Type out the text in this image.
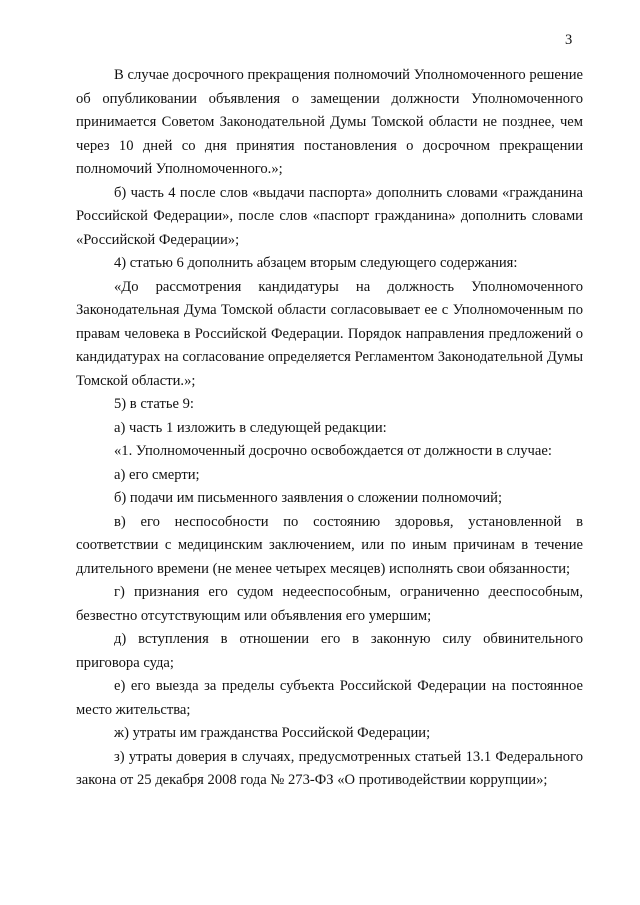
3

В случае досрочного прекращения полномочий Уполномоченного решение об опубликовании объявления о замещении должности Уполномоченного принимается Советом Законодательной Думы Томской области не позднее, чем через 10 дней со дня принятия постановления о досрочном прекращении полномочий Уполномоченного.»;

б) часть 4 после слов «выдачи паспорта» дополнить словами «гражданина Российской Федерации», после слов «паспорт гражданина» дополнить словами «Российской Федерации»;

4) статью 6 дополнить абзацем вторым следующего содержания:

«До рассмотрения кандидатуры на должность Уполномоченного Законодательная Дума Томской области согласовывает ее с Уполномоченным по правам человека в Российской Федерации. Порядок направления предложений о кандидатурах на согласование определяется Регламентом Законодательной Думы Томской области.»;

5) в статье 9:

а) часть 1 изложить в следующей редакции:

«1. Уполномоченный досрочно освобождается от должности в случае:

а) его смерти;

б) подачи им письменного заявления о сложении полномочий;

в) его неспособности по состоянию здоровья, установленной в соответствии с медицинским заключением, или по иным причинам в течение длительного времени (не менее четырех месяцев) исполнять свои обязанности;

г) признания его судом недееспособным, ограниченно дееспособным, безвестно отсутствующим или объявления его умершим;

д) вступления в отношении его в законную силу обвинительного приговора суда;

е) его выезда за пределы субъекта Российской Федерации на постоянное место жительства;

ж) утраты им гражданства Российской Федерации;

з) утраты доверия в случаях, предусмотренных статьей 13.1 Федерального закона от 25 декабря 2008 года № 273-ФЗ «О противодействии коррупции»;
